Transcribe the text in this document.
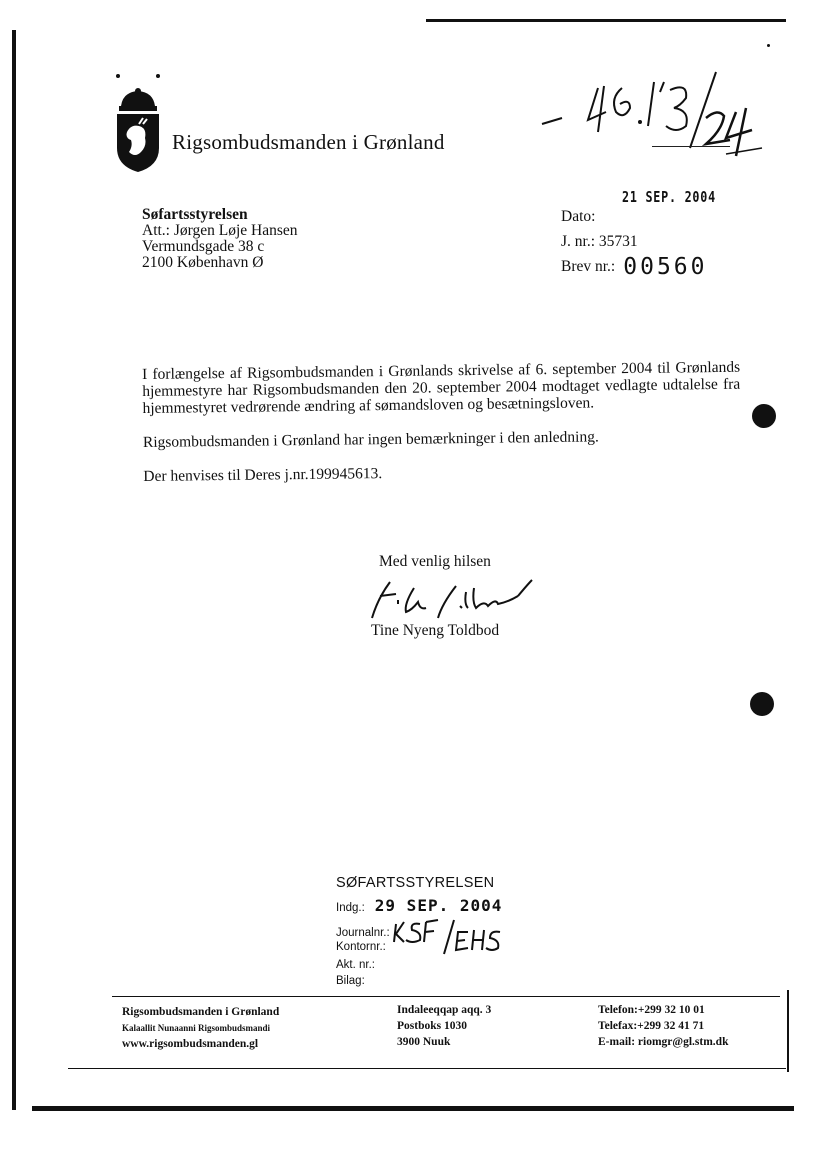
Rigsombudsmanden i Grønland
21 SEP. 2004
Søfartsstyrelsen
Att.: Jørgen Løje Hansen
Vermundsgade 38 c
2100 København Ø
Dato:
J. nr.: 35731
Brev nr.: 00560

I forlængelse af Rigsombudsmanden i Grønlands skrivelse af 6. september 2004 til Grønlands hjemmestyre har Rigsombudsmanden den 20. september 2004 modtaget vedlagte udtalelse fra hjemmestyret vedrørende ændring af sømandsloven og besætningsloven.

Rigsombudsmanden i Grønland har ingen bemærkninger i den anledning.

Der henvises til Deres j.nr.199945613.

Med venlig hilsen
Tine Nyeng Toldbod
SØFARTSSTYRELSEN
Indg.: 29 SEP. 2004
Journalnr.:
Kontornr.:
Akt. nr.:
Bilag:
Rigsombudsmanden i Grønland
Kalaallit Nunaanni Rigsombudsmandi
www.rigsombudsmanden.gl
Indaleeqqap aqq. 3
Postboks 1030
3900 Nuuk
Telefon:+299 32 10 01
Telefax:+299 32 41 71
E-mail: riomgr@gl.stm.dk
